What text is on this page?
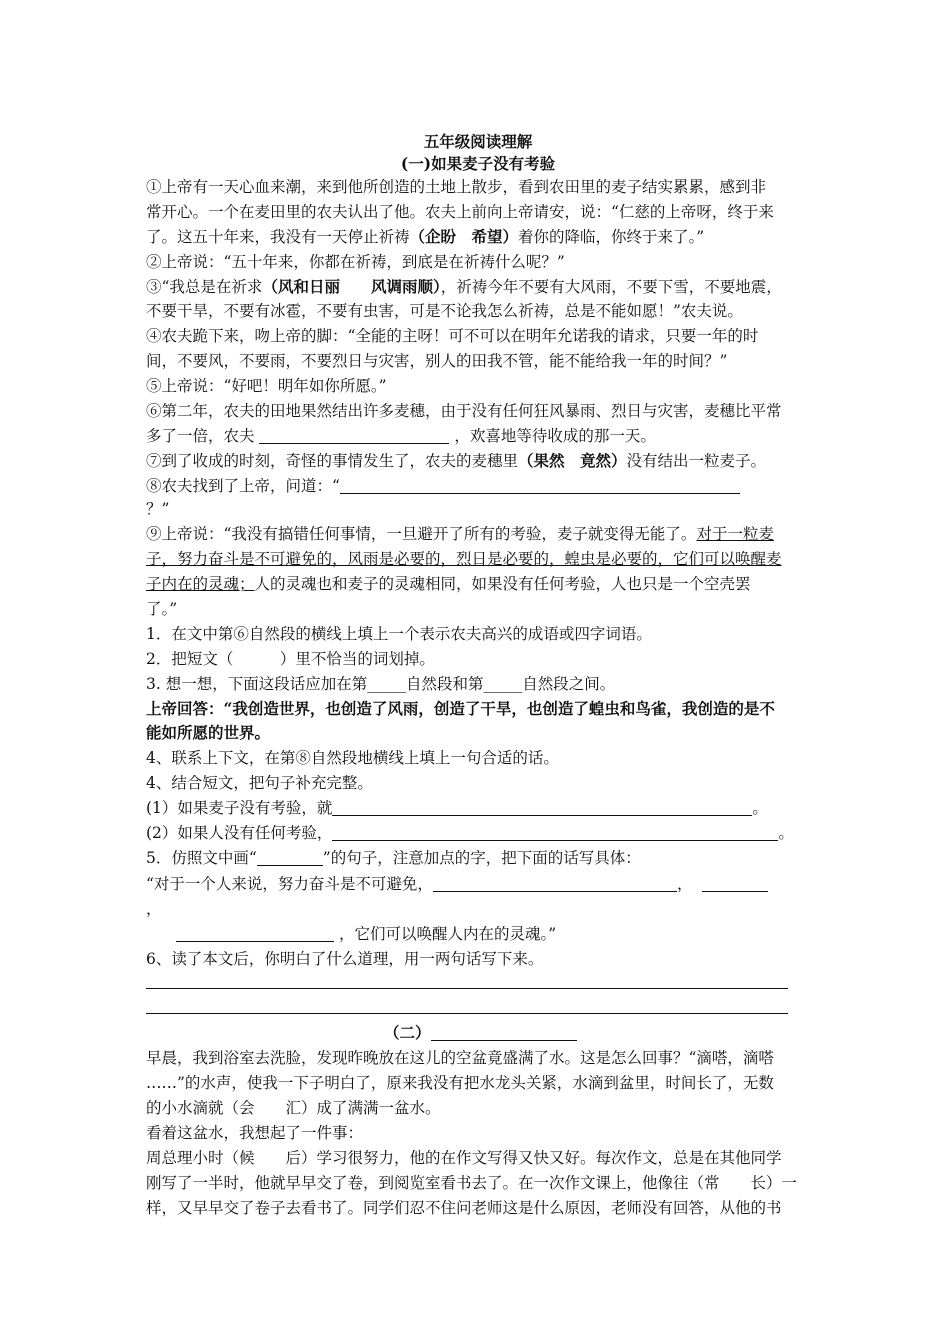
五年级阅读理解
(一)如果麦子没有考验
①上帝有一天心血来潮，来到他所创造的土地上散步，看到农田里的麦子结实累累，感到非
常开心。一个在麦田里的农夫认出了他。农夫上前向上帝请安，说：“仁慈的上帝呀，终于来
了。这五十年来，我没有一天停止祈祷（企盼　希望）着你的降临，你终于来了。”
②上帝说：“五十年来，你都在祈祷，到底是在祈祷什么呢？”
③“我总是在祈求（风和日丽　　风调雨顺），祈祷今年不要有大风雨，不要下雪，不要地震，
不要干旱，不要有冰雹，不要有虫害，可是不论我怎么祈祷，总是不能如愿！”农夫说。
④农夫跪下来，吻上帝的脚：“全能的主呀！可不可以在明年允诺我的请求，只要一年的时
间，不要风，不要雨，不要烈日与灾害，别人的田我不管，能不能给我一年的时间？”
⑤上帝说：“好吧！明年如你所愿。”
⑥第二年，农夫的田地果然结出许多麦穗，由于没有任何狂风暴雨、烈日与灾害，麦穗比平常
多了一倍，农夫	，欢喜地等待收成的那一天。
⑦到了收成的时刻，奇怪的事情发生了，农夫的麦穗里（果然　竟然）没有结出一粒麦子。
⑧农夫找到了上帝，问道：“
？”
⑨上帝说：“我没有搞错任何事情，一旦避开了所有的考验，麦子就变得无能了。对于一粒麦
子，努力奋斗是不可避免的，风雨是必要的，烈日是必要的，蝗虫是必要的，它们可以唤醒麦
子内在的灵魂；人的灵魂也和麦子的灵魂相同，如果没有任何考验，人也只是一个空壳罢
了。”
1．在文中第⑥自然段的横线上填上一个表示农夫高兴的成语或四字词语。
2．把短文（　　　）里不恰当的词划掉。
3. 想一想，下面这段话应加在第_____自然段和第_____自然段之间。
上帝回答：“我创造世界，也创造了风雨，创造了干旱，也创造了蝗虫和鸟雀，我创造的是不
能如所愿的世界。
4、联系上下文，在第⑧自然段地横线上填上一句合适的话。
4、结合短文，把句子补充完整。
(1）如果麦子没有考验，就	。
(2）如果人没有任何考验，	。
5．仿照文中画“	”的句子，注意加点的字，把下面的话写具体：
“对于一个人来说，努力奋斗是不可避免，	，
，
，它们可以唤醒人内在的灵魂。”
6、读了本文后，你明白了什么道理，用一两句话写下来。
（二）
早晨，我到浴室去洗脸，发现昨晚放在这儿的空盆竟盛满了水。这是怎么回事？“滴嗒，滴嗒
……”的水声，使我一下子明白了，原来我没有把水龙头关紧，水滴到盆里，时间长了，无数
的小水滴就（会　　汇）成了满满一盆水。
看着这盆水，我想起了一件事：
周总理小时（候　　后）学习很努力，他的在作文写得又快又好。每次作文，总是在其他同学
刚写了一半时，他就早早交了卷，到阅览室看书去了。在一次作文课上，他像往（常　　长）一
样，又早早交了卷子去看书了。同学们忍不住问老师这是什么原因，老师没有回答，从他的书
